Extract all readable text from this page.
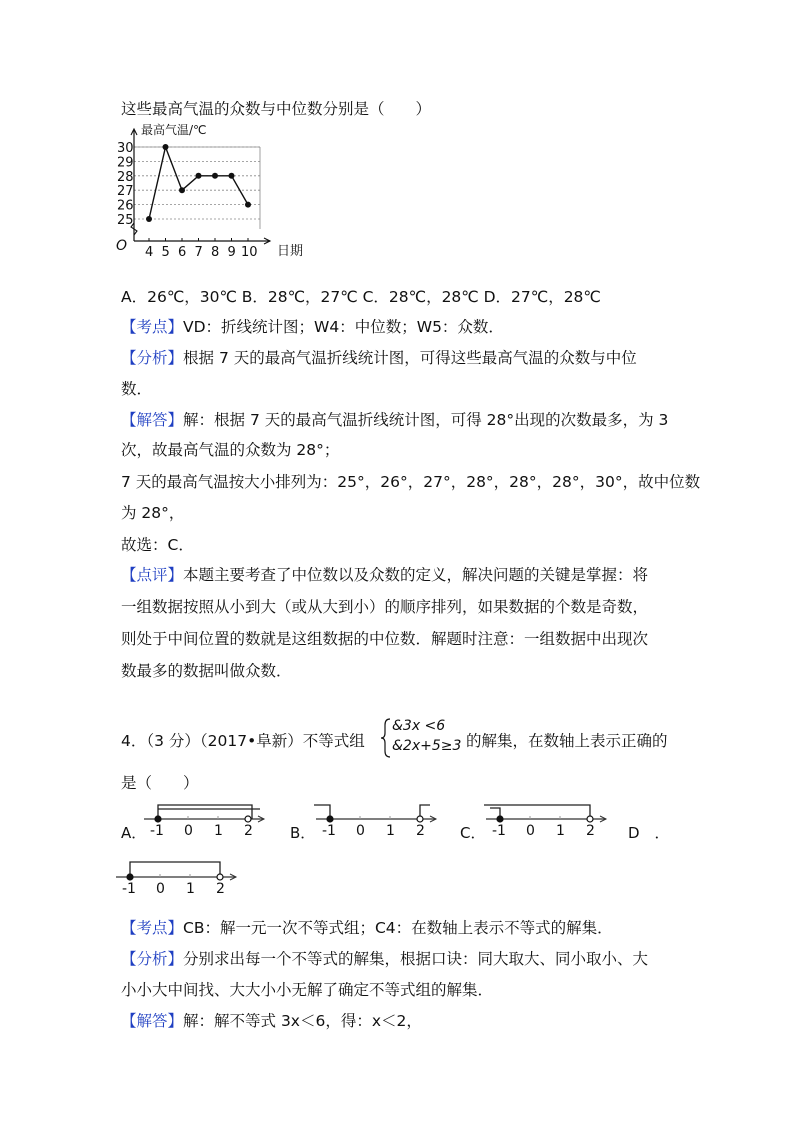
这些最高气温的众数与中位数分别是（　　）
25
26
27
28
29
30
4 5 6 7 8 9 10
最高气温/℃
日期
O
A．26℃，30℃ B．28℃，27℃ C．28℃，28℃ D．27℃，28℃
【考点】VD：折线统计图；W4：中位数；W5：众数．
【分析】根据 7 天的最高气温折线统计图，可得这些最高气温的众数与中位
数．
【解答】解：根据 7 天的最高气温折线统计图，可得 28°出现的次数最多，为 3
次，故最高气温的众数为 28°；
7 天的最高气温按大小排列为：25°，26°，27°，28°，28°，28°，30°，故中位数
为 28°，
故选：C．
【点评】本题主要考查了中位数以及众数的定义，解决问题的关键是掌握：将
一组数据按照从小到大（或从大到小）的顺序排列，如果数据的个数是奇数，
则处于中间位置的数就是这组数据的中位数．解题时注意：一组数据中出现次
数最多的数据叫做众数．
4．（3 分）（2017•阜新）不等式组
&3x <6
&2x+5≥3 的解集，在数轴上表示正确的
是（　　）
A． -1 0 1 2 B． -1 0 1 2 C． -1 0 1 2 D　．
-1 0 1 2
【考点】CB：解一元一次不等式组；C4：在数轴上表示不等式的解集．
【分析】分别求出每一个不等式的解集，根据口诀：同大取大、同小取小、大
小小大中间找、大大小小无解了确定不等式组的解集．
【解答】解：解不等式 3x＜6，得：x＜2，
